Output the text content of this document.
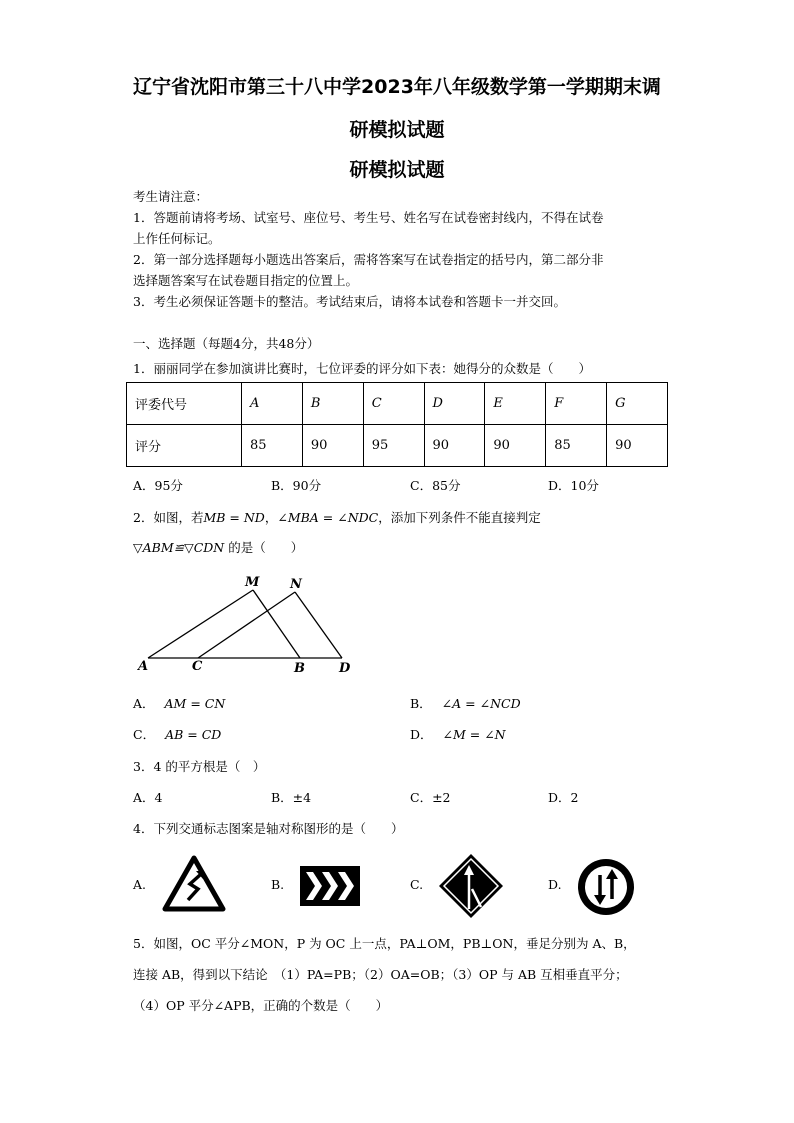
辽宁省沈阳市第三十八中学2023年八年级数学第一学期期末调
研模拟试题
研模拟试题
考生请注意：
1．答题前请将考场、试室号、座位号、考生号、姓名写在试卷密封线内，不得在试卷
上作任何标记。
2．第一部分选择题每小题选出答案后，需将答案写在试卷指定的括号内，第二部分非
选择题答案写在试卷题目指定的位置上。
3．考生必须保证答题卡的整洁。考试结束后，请将本试卷和答题卡一并交回。
一、选择题（每题4分，共48分）
1．丽丽同学在参加演讲比赛时，七位评委的评分如下表：她得分的众数是（　　）
评委代号	A	B	C	D	E	F	G
评分	85	90	95	90	90	85	90
A．95分	B．90分	C．85分	D．10分
2．如图，若MB = ND，∠MBA = ∠NDC，添加下列条件不能直接判定
▽ABM≌▽CDN 的是（　　）
M N
A	C	B	D
A． AM = CN	B． ∠A = ∠NCD
C． AB = CD	D． ∠M = ∠N
3．4 的平方根是（　）
A．4	B．±4	C．±2	D．2
4．下列交通标志图案是轴对称图形的是（　　）
A.	B.	C.	D.
5．如图，OC 平分∠MON，P 为 OC 上一点，PA⊥OM，PB⊥ON，垂足分别为 A、B，
连接 AB，得到以下结论　（1）PA=PB；（2）OA=OB；（3）OP 与 AB 互相垂直平分；
（4）OP 平分∠APB，正确的个数是（　　）
